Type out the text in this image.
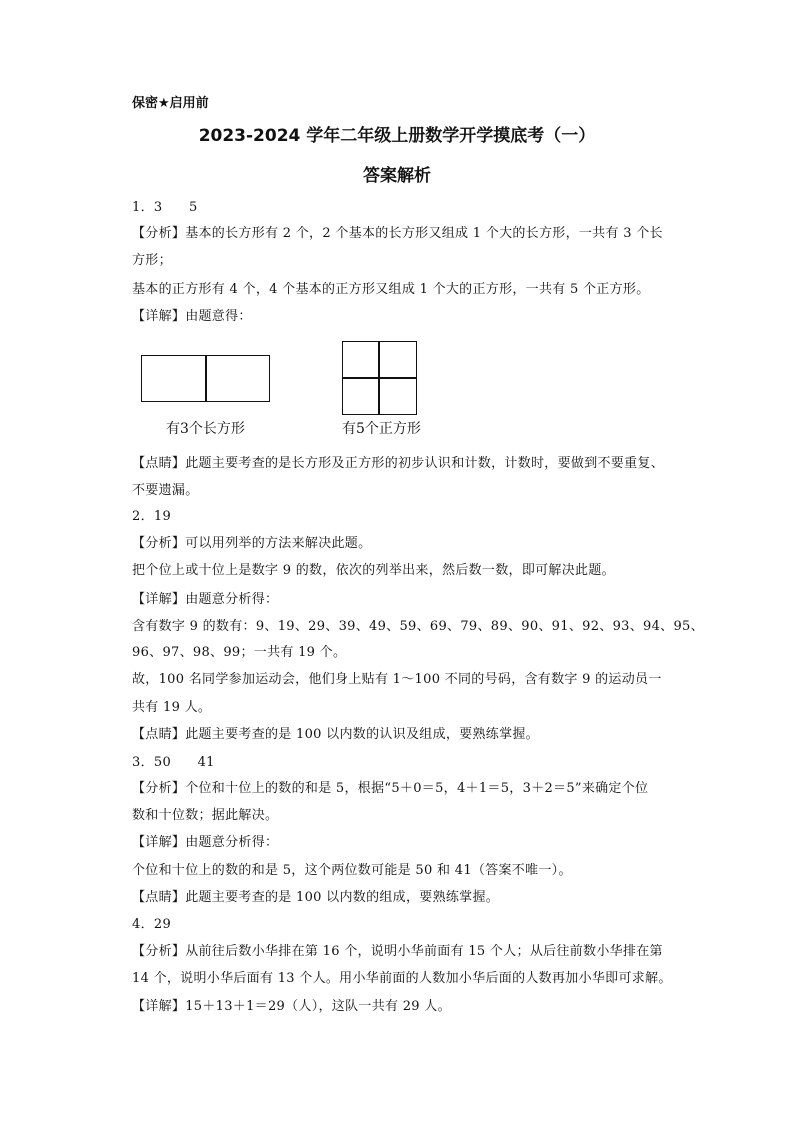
保密★启用前
2023-2024 学年二年级上册数学开学摸底考（一）
答案解析
1．3　　5
【分析】基本的长方形有 2 个，2 个基本的长方形又组成 1 个大的长方形，一共有 3 个长
方形；
基本的正方形有 4 个，4 个基本的正方形又组成 1 个大的正方形，一共有 5 个正方形。
【详解】由题意得：
有3个长方形	有5个正方形
【点睛】此题主要考查的是长方形及正方形的初步认识和计数，计数时，要做到不要重复、
不要遗漏。
2．19
【分析】可以用列举的方法来解决此题。
把个位上或十位上是数字 9 的数，依次的列举出来，然后数一数，即可解决此题。
【详解】由题意分析得：
含有数字 9 的数有：9、19、29、39、49、59、69、79、89、90、91、92、93、94、95、
96、97、98、99；一共有 19 个。
故，100 名同学参加运动会，他们身上贴有 1～100 不同的号码，含有数字 9 的运动员一
共有 19 人。
【点睛】此题主要考查的是 100 以内数的认识及组成，要熟练掌握。
3．50　　41
【分析】个位和十位上的数的和是 5，根据“5＋0＝5，4＋1＝5，3＋2＝5”来确定个位
数和十位数；据此解决。
【详解】由题意分析得：
个位和十位上的数的和是 5，这个两位数可能是 50 和 41（答案不唯一）。
【点睛】此题主要考查的是 100 以内数的组成，要熟练掌握。
4．29
【分析】从前往后数小华排在第 16 个，说明小华前面有 15 个人；从后往前数小华排在第
14 个，说明小华后面有 13 个人。用小华前面的人数加小华后面的人数再加小华即可求解。
【详解】15＋13＋1＝29（人），这队一共有 29 人。
